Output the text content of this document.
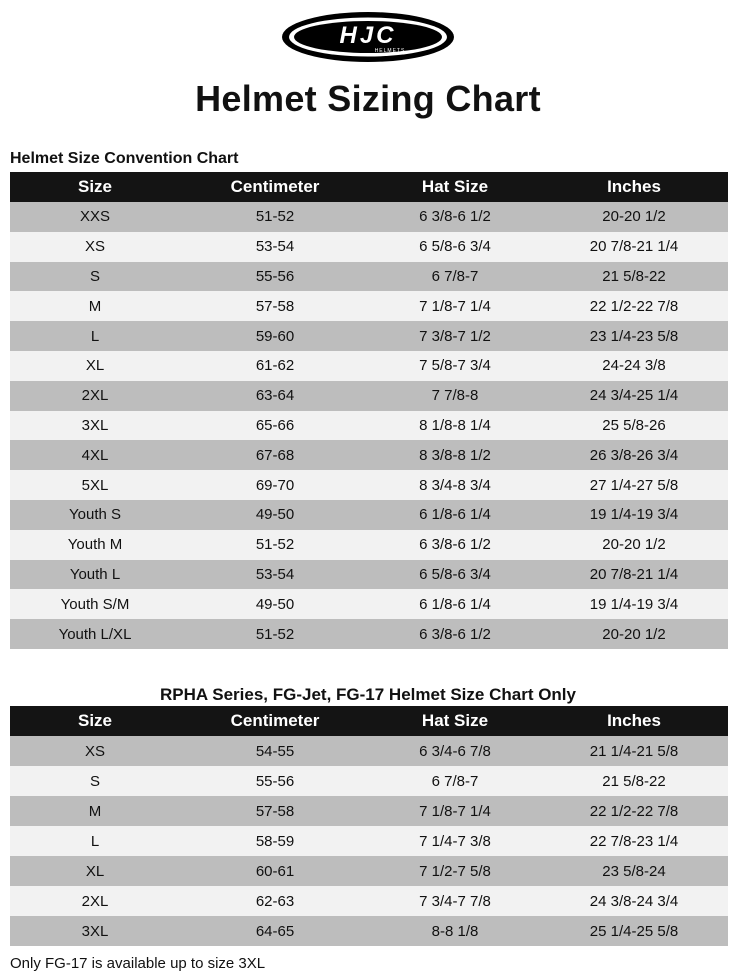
HJC
HELMETS
Helmet Sizing Chart
Helmet Size Convention Chart
Size	Centimeter	Hat Size	Inches
XXS	51-52	6 3/8-6 1/2	20-20 1/2
XS	53-54	6 5/8-6 3/4	20 7/8-21 1/4
S	55-56	6 7/8-7	21 5/8-22
M	57-58	7 1/8-7 1/4	22 1/2-22 7/8
L	59-60	7 3/8-7 1/2	23 1/4-23 5/8
XL	61-62	7 5/8-7 3/4	24-24 3/8
2XL	63-64	7 7/8-8	24 3/4-25 1/4
3XL	65-66	8 1/8-8 1/4	25 5/8-26
4XL	67-68	8 3/8-8 1/2	26 3/8-26 3/4
5XL	69-70	8 3/4-8 3/4	27 1/4-27 5/8
Youth S	49-50	6 1/8-6 1/4	19 1/4-19 3/4
Youth M	51-52	6 3/8-6 1/2	20-20 1/2
Youth L	53-54	6 5/8-6 3/4	20 7/8-21 1/4
Youth S/M	49-50	6 1/8-6 1/4	19 1/4-19 3/4
Youth L/XL	51-52	6 3/8-6 1/2	20-20 1/2
RPHA Series, FG-Jet, FG-17 Helmet Size Chart Only
Size	Centimeter	Hat Size	Inches
XS	54-55	6 3/4-6 7/8	21 1/4-21 5/8
S	55-56	6 7/8-7	21 5/8-22
M	57-58	7 1/8-7 1/4	22 1/2-22 7/8
L	58-59	7 1/4-7 3/8	22 7/8-23 1/4
XL	60-61	7 1/2-7 5/8	23 5/8-24
2XL	62-63	7 3/4-7 7/8	24 3/8-24 3/4
3XL	64-65	8-8 1/8	25 1/4-25 5/8
Only FG-17 is available up to size 3XL
